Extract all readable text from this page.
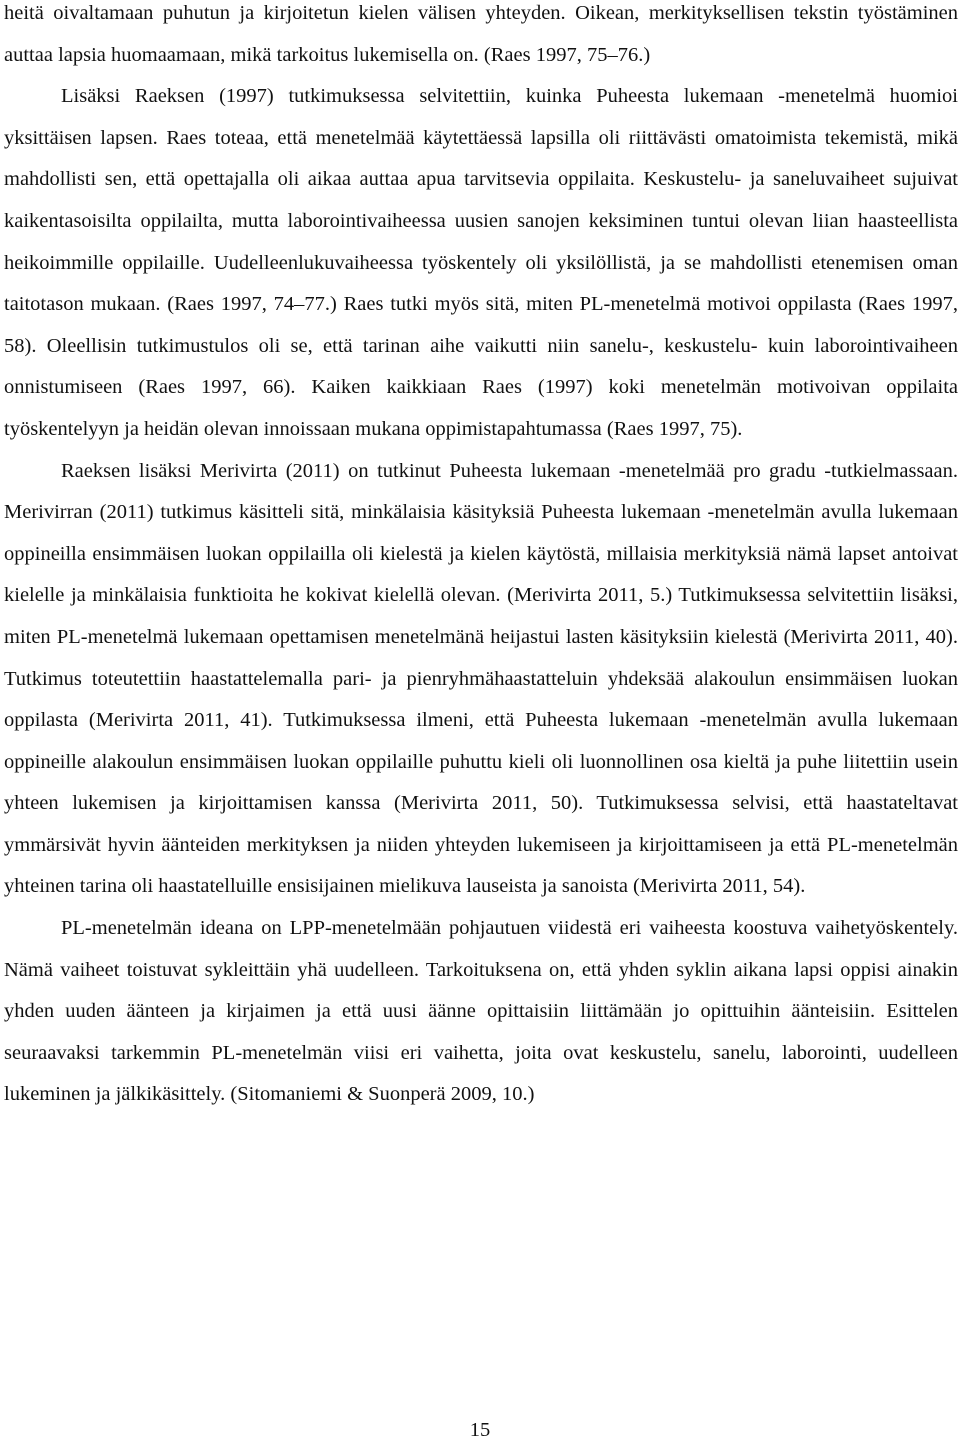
heitä oivaltamaan puhutun ja kirjoitetun kielen välisen yhteyden. Oikean, merkityksellisen tekstin työstäminen auttaa lapsia huomaamaan, mikä tarkoitus lukemisella on. (Raes 1997, 75–76.)

Lisäksi Raeksen (1997) tutkimuksessa selvitettiin, kuinka Puheesta lukemaan -menetelmä huomioi yksittäisen lapsen. Raes toteaa, että menetelmää käytettäessä lapsilla oli riittävästi omatoimista tekemistä, mikä mahdollisti sen, että opettajalla oli aikaa auttaa apua tarvitsevia oppilaita. Keskustelu- ja saneluvaiheet sujuivat kaikentasoisilta oppilailta, mutta laborointivaiheessa uusien sanojen keksiminen tuntui olevan liian haasteellista heikoimmille oppilaille. Uudelleenlukuvaiheessa työskentely oli yksilöllistä, ja se mahdollisti etenemisen oman taitotason mukaan. (Raes 1997, 74–77.) Raes tutki myös sitä, miten PL-menetelmä motivoi oppilasta (Raes 1997, 58). Oleellisin tutkimustulos oli se, että tarinan aihe vaikutti niin sanelu-, keskustelu- kuin laborointivaiheen onnistumiseen (Raes 1997, 66). Kaiken kaikkiaan Raes (1997) koki menetelmän motivoivan oppilaita työskentelyyn ja heidän olevan innoissaan mukana oppimistapahtumassa (Raes 1997, 75).

Raeksen lisäksi Merivirta (2011) on tutkinut Puheesta lukemaan -menetelmää pro gradu -tutkielmassaan. Merivirran (2011) tutkimus käsitteli sitä, minkälaisia käsityksiä Puheesta lukemaan -menetelmän avulla lukemaan oppineilla ensimmäisen luokan oppilailla oli kielestä ja kielen käytöstä, millaisia merkityksiä nämä lapset antoivat kielelle ja minkälaisia funktioita he kokivat kielellä olevan. (Merivirta 2011, 5.) Tutkimuksessa selvitettiin lisäksi, miten PL-menetelmä lukemaan opettamisen menetelmänä heijastui lasten käsityksiin kielestä (Merivirta 2011, 40). Tutkimus toteutettiin haastattelemalla pari- ja pienryhmähaastatteluin yhdeksää alakoulun ensimmäisen luokan oppilasta (Merivirta 2011, 41). Tutkimuksessa ilmeni, että Puheesta lukemaan -menetelmän avulla lukemaan oppineille alakoulun ensimmäisen luokan oppilaille puhuttu kieli oli luonnollinen osa kieltä ja puhe liitettiin usein yhteen lukemisen ja kirjoittamisen kanssa (Merivirta 2011, 50). Tutkimuksessa selvisi, että haastateltavat ymmärsivät hyvin äänteiden merkityksen ja niiden yhteyden lukemiseen ja kirjoittamiseen ja että PL-menetelmän yhteinen tarina oli haastatelluille ensisijainen mielikuva lauseista ja sanoista (Merivirta 2011, 54).

PL-menetelmän ideana on LPP-menetelmään pohjautuen viidestä eri vaiheesta koostuva vaihetyöskentely. Nämä vaiheet toistuvat sykleittäin yhä uudelleen. Tarkoituksena on, että yhden syklin aikana lapsi oppisi ainakin yhden uuden äänteen ja kirjaimen ja että uusi äänne opittaisiin liittämään jo opittuihin äänteisiin. Esittelen seuraavaksi tarkemmin PL-menetelmän viisi eri vaihetta, joita ovat keskustelu, sanelu, laborointi, uudelleen lukeminen ja jälkikäsittely. (Sitomaniemi & Suonperä 2009, 10.)

15
